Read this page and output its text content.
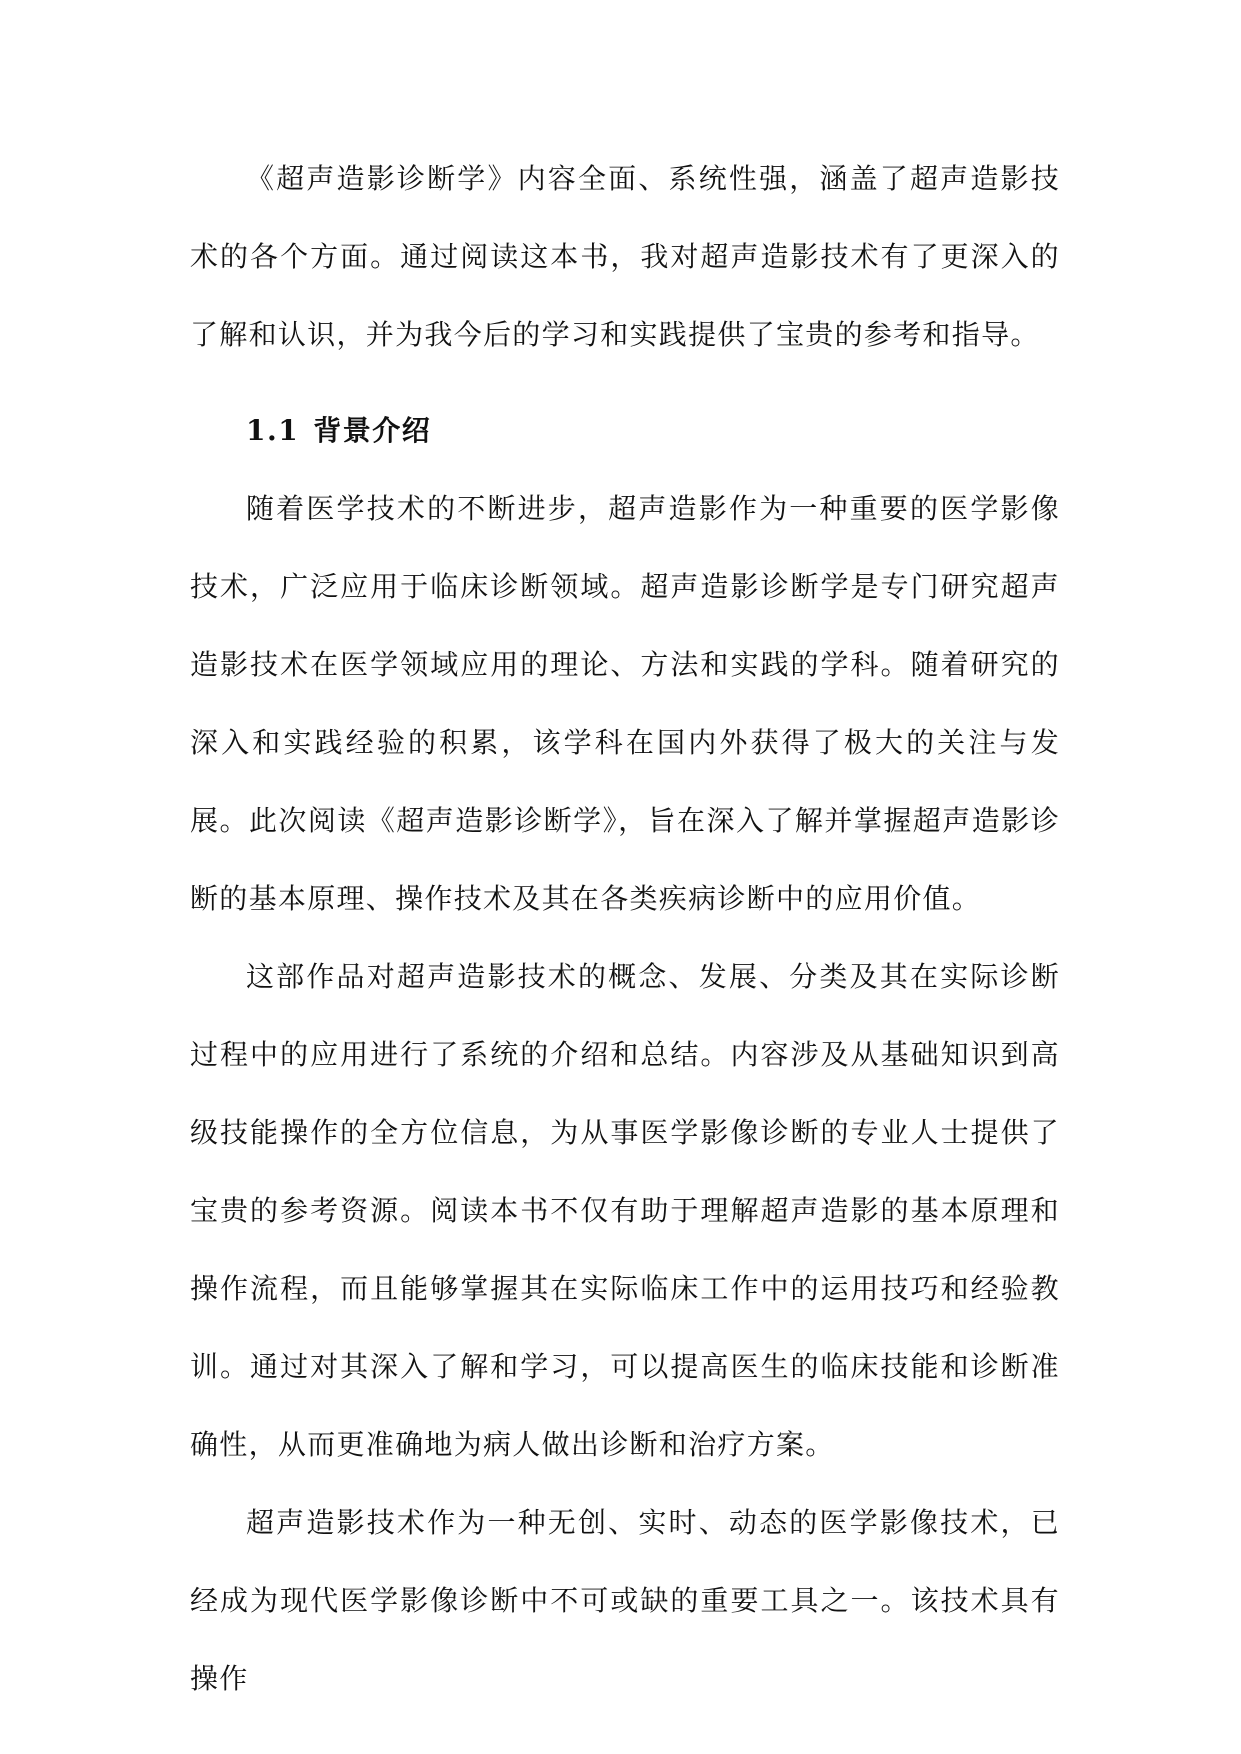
《超声造影诊断学》内容全面、系统性强，涵盖了超声造影技术的各个方面。通过阅读这本书，我对超声造影技术有了更深入的了解和认识，并为我今后的学习和实践提供了宝贵的参考和指导。

1.1 背景介绍

随着医学技术的不断进步，超声造影作为一种重要的医学影像技术，广泛应用于临床诊断领域。超声造影诊断学是专门研究超声造影技术在医学领域应用的理论、方法和实践的学科。随着研究的深入和实践经验的积累，该学科在国内外获得了极大的关注与发展。此次阅读《超声造影诊断学》，旨在深入了解并掌握超声造影诊断的基本原理、操作技术及其在各类疾病诊断中的应用价值。

这部作品对超声造影技术的概念、发展、分类及其在实际诊断过程中的应用进行了系统的介绍和总结。内容涉及从基础知识到高级技能操作的全方位信息，为从事医学影像诊断的专业人士提供了宝贵的参考资源。阅读本书不仅有助于理解超声造影的基本原理和操作流程，而且能够掌握其在实际临床工作中的运用技巧和经验教训。通过对其深入了解和学习，可以提高医生的临床技能和诊断准确性，从而更准确地为病人做出诊断和治疗方案。

超声造影技术作为一种无创、实时、动态的医学影像技术，已经成为现代医学影像诊断中不可或缺的重要工具之一。该技术具有操作
